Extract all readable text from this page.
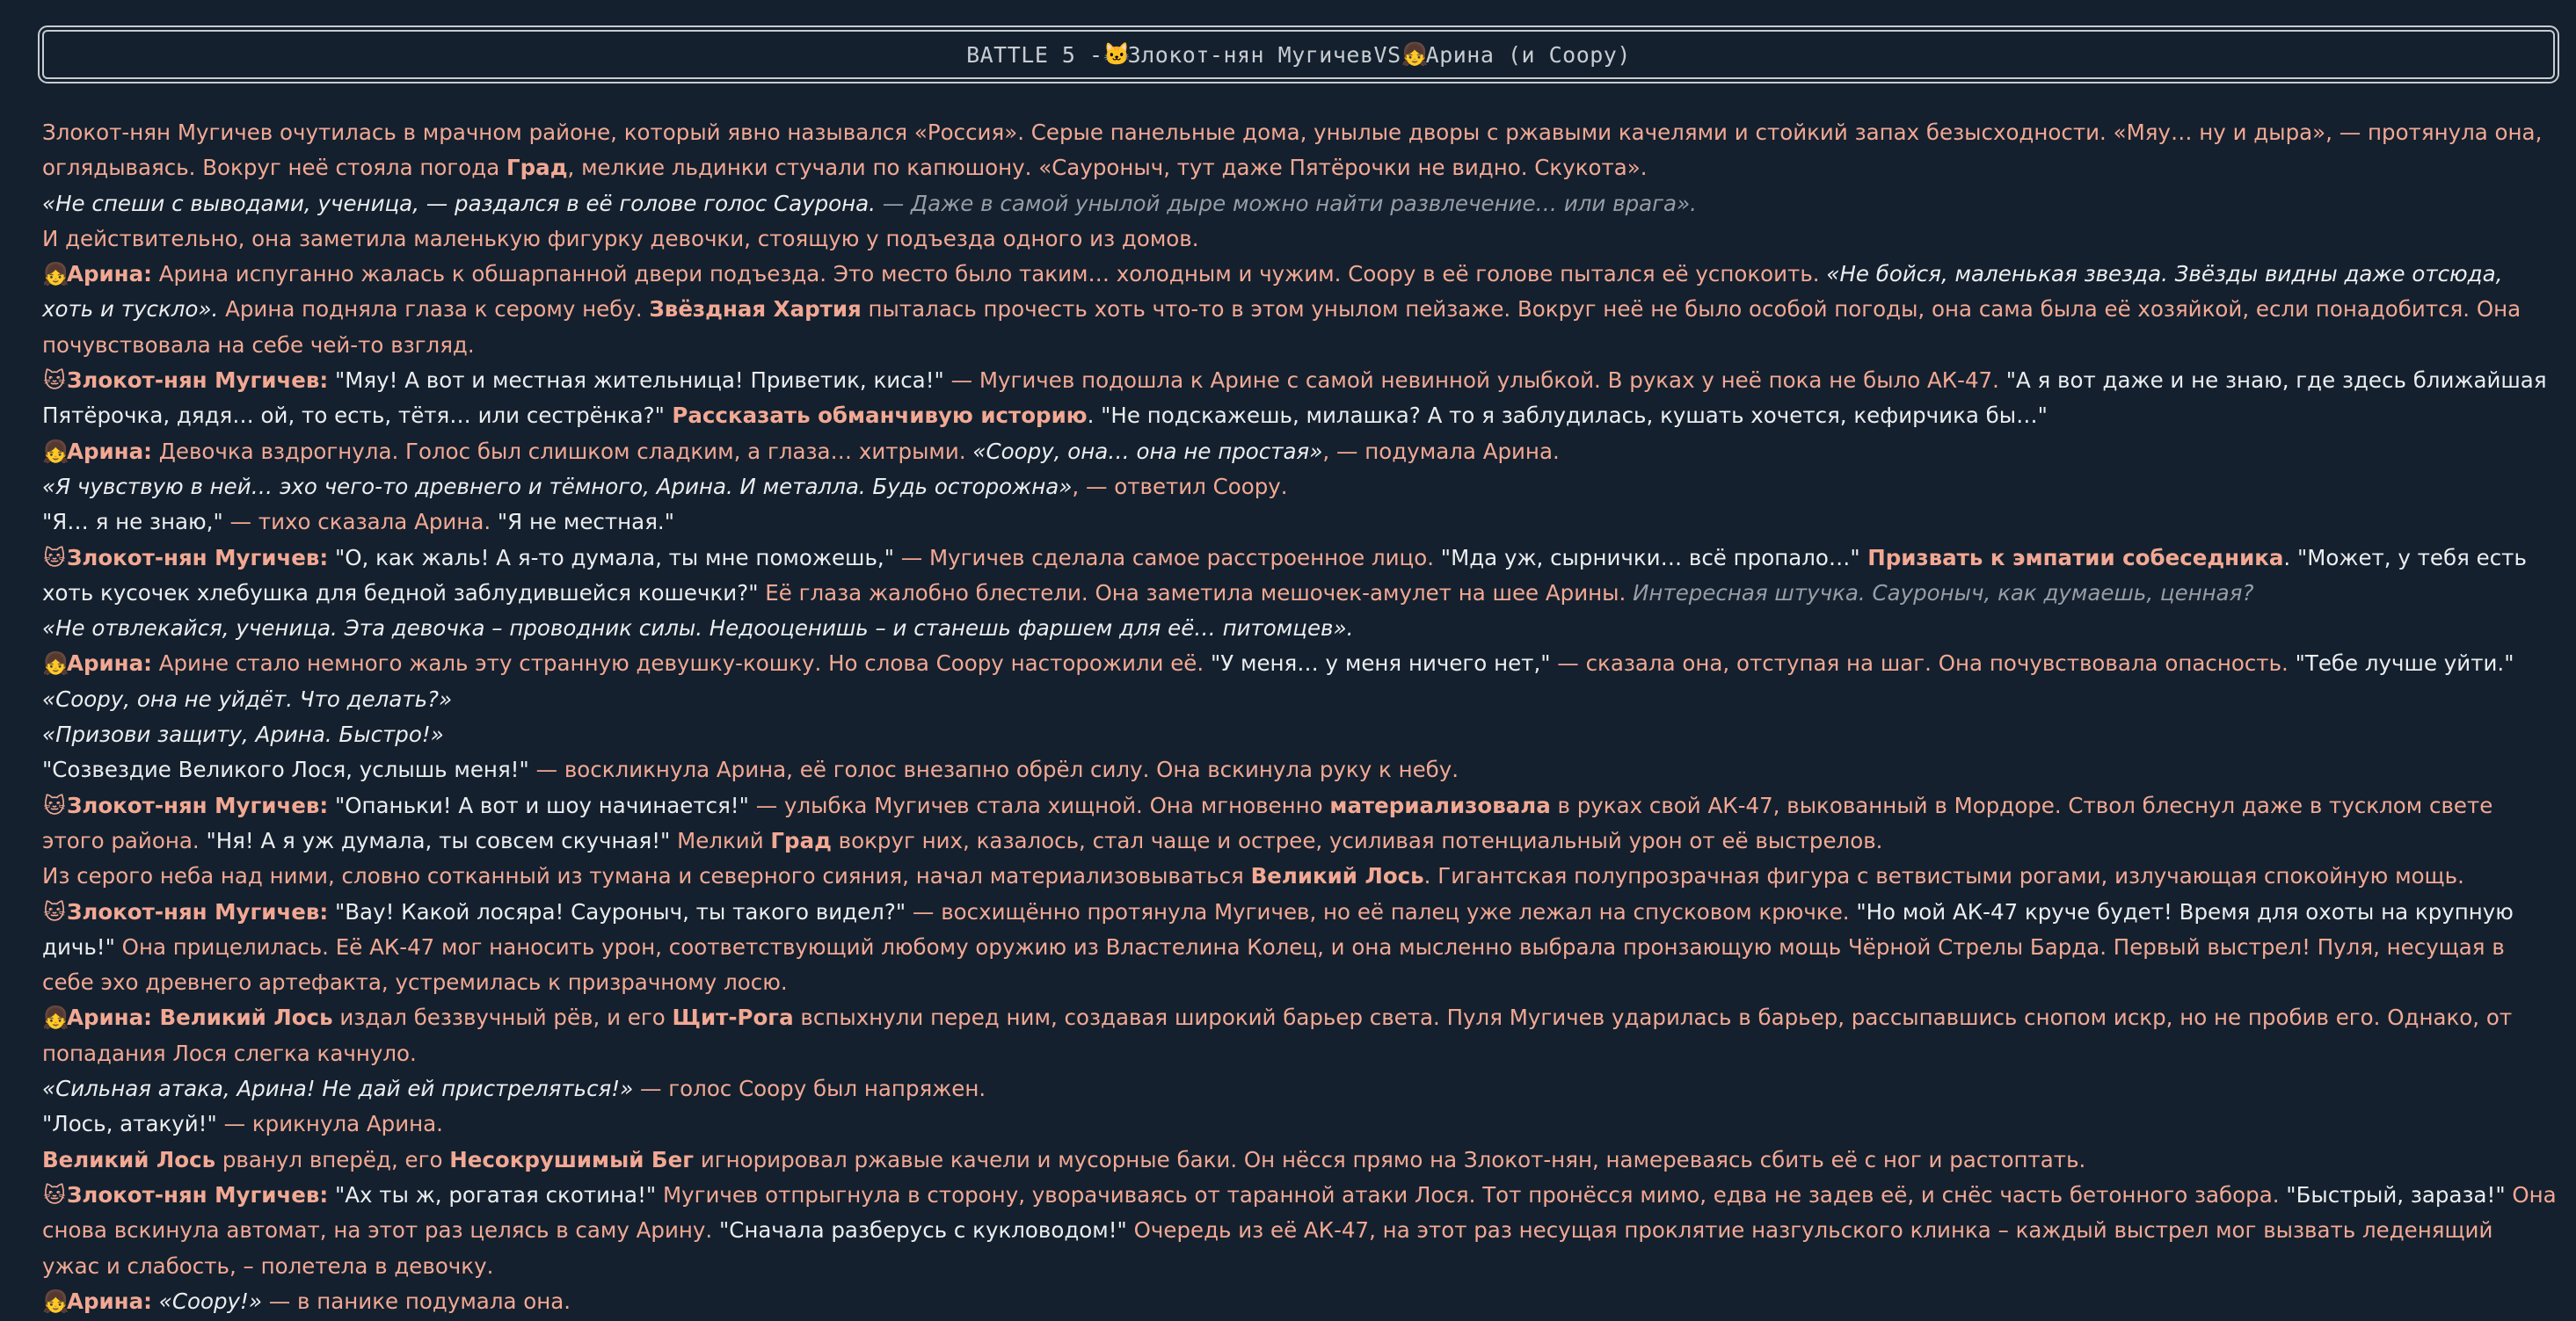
BATTLE 5 - 🐱
Злокот-нян Мугичев VS 👧
Арина (и Соору)

Злокот-нян Мугичев очутилась в мрачном районе, который явно назывался «Россия». Серые панельные дома, унылые дворы с ржавыми качелями и стойкий запах безысходности. «Мяу… ну и дыра», — протянула она, оглядываясь. Вокруг неё стояла погода Град, мелкие льдинки стучали по капюшону. «Сауроныч, тут даже Пятёрочки не видно. Скукота».

«Не спеши с выводами, ученица, — раздался в её голове голос Саурона. — Даже в самой унылой дыре можно найти развлечение… или врага».

И действительно, она заметила маленькую фигурку девочки, стоящую у подъезда одного из домов.

👧Арина: Арина испуганно жалась к обшарпанной двери подъезда. Это место было таким… холодным и чужим. Соору в её голове пытался её успокоить. «Не бойся, маленькая звезда. Звёзды видны даже отсюда, хоть и тускло». Арина подняла глаза к серому небу. Звёздная Хартия пыталась прочесть хоть что-то в этом унылом пейзаже. Вокруг неё не было особой погоды, она сама была её хозяйкой, если понадобится. Она почувствовала на себе чей-то взгляд.

🐱Злокот-нян Мугичев: "Мяу! А вот и местная жительница! Приветик, киса!" — Мугичев подошла к Арине с самой невинной улыбкой. В руках у неё пока не было АК-47. "А я вот даже и не знаю, где здесь ближайшая Пятёрочка, дядя… ой, то есть, тётя… или сестрёнка?" Рассказать обманчивую историю. "Не подскажешь, милашка? А то я заблудилась, кушать хочется, кефирчика бы…"

👧Арина: Девочка вздрогнула. Голос был слишком сладким, а глаза… хитрыми. «Соору, она… она не простая», — подумала Арина.

«Я чувствую в ней… эхо чего-то древнего и тёмного, Арина. И металла. Будь осторожна», — ответил Соору.

"Я… я не знаю," — тихо сказала Арина. "Я не местная."

🐱Злокот-нян Мугичев: "О, как жаль! А я-то думала, ты мне поможешь," — Мугичев сделала самое расстроенное лицо. "Мда уж, сырнички… всё пропало…" Призвать к эмпатии собеседника. "Может, у тебя есть хоть кусочек хлебушка для бедной заблудившейся кошечки?" Её глаза жалобно блестели. Она заметила мешочек-амулет на шее Арины. Интересная штучка. Сауроныч, как думаешь, ценная?

«Не отвлекайся, ученица. Эта девочка – проводник силы. Недооценишь – и станешь фаршем для её… питомцев».

👧Арина: Арине стало немного жаль эту странную девушку-кошку. Но слова Соору насторожили её. "У меня… у меня ничего нет," — сказала она, отступая на шаг. Она почувствовала опасность. "Тебе лучше уйти."

«Соору, она не уйдёт. Что делать?»

«Призови защиту, Арина. Быстро!»

"Созвездие Великого Лося, услышь меня!" — воскликнула Арина, её голос внезапно обрёл силу. Она вскинула руку к небу.

🐱Злокот-нян Мугичев: "Опаньки! А вот и шоу начинается!" — улыбка Мугичев стала хищной. Она мгновенно материализовала в руках свой АК-47, выкованный в Мордоре. Ствол блеснул даже в тусклом свете этого района. "Ня! А я уж думала, ты совсем скучная!" Мелкий Град вокруг них, казалось, стал чаще и острее, усиливая потенциальный урон от её выстрелов.

Из серого неба над ними, словно сотканный из тумана и северного сияния, начал материализовываться Великий Лось. Гигантская полупрозрачная фигура с ветвистыми рогами, излучающая спокойную мощь.

🐱Злокот-нян Мугичев: "Вау! Какой лосяра! Сауроныч, ты такого видел?" — восхищённо протянула Мугичев, но её палец уже лежал на спусковом крючке. "Но мой АК-47 круче будет! Время для охоты на крупную дичь!" Она прицелилась. Её АК-47 мог наносить урон, соответствующий любому оружию из Властелина Колец, и она мысленно выбрала пронзающую мощь Чёрной Стрелы Барда. Первый выстрел! Пуля, несущая в себе эхо древнего артефакта, устремилась к призрачному лосю.

👧Арина: Великий Лось издал беззвучный рёв, и его Щит-Рога вспыхнули перед ним, создавая широкий барьер света. Пуля Мугичев ударилась в барьер, рассыпавшись снопом искр, но не пробив его. Однако, от попадания Лося слегка качнуло.

«Сильная атака, Арина! Не дай ей пристреляться!» — голос Соору был напряжен.

"Лось, атакуй!" — крикнула Арина.

Великий Лось рванул вперёд, его Несокрушимый Бег игнорировал ржавые качели и мусорные баки. Он нёсся прямо на Злокот-нян, намереваясь сбить её с ног и растоптать.

🐱Злокот-нян Мугичев: "Ах ты ж, рогатая скотина!" Мугичев отпрыгнула в сторону, уворачиваясь от таранной атаки Лося. Тот пронёсся мимо, едва не задев её, и снёс часть бетонного забора. "Быстрый, зараза!" Она снова вскинула автомат, на этот раз целясь в саму Арину. "Сначала разберусь с кукловодом!" Очередь из её АК-47, на этот раз несущая проклятие назгульского клинка – каждый выстрел мог вызвать леденящий ужас и слабость, – полетела в девочку.

👧Арина: «Соору!» — в панике подумала она.
